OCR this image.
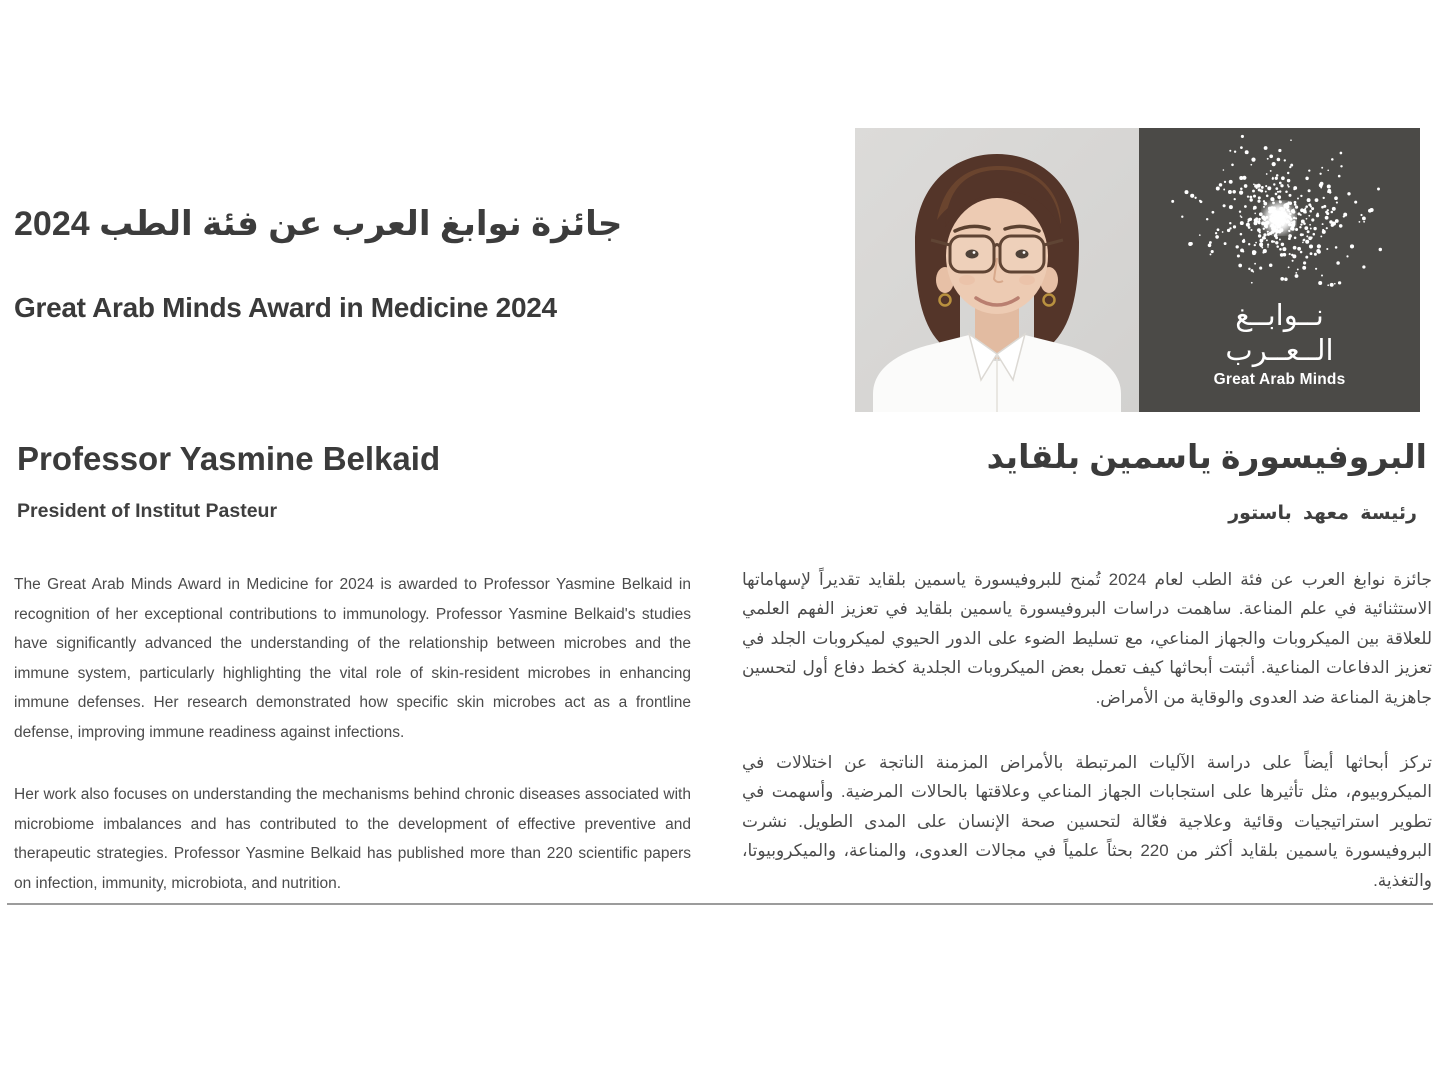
جائزة نوابغ العرب عن فئة الطب 2024
Great Arab Minds Award in Medicine 2024
Professor Yasmine Belkaid
President of Institut Pasteur
The Great Arab Minds Award in Medicine for 2024 is awarded to Professor Yasmine Belkaid in recognition of her exceptional contributions to immunology. Professor Yasmine Belkaid's studies have significantly advanced the understanding of the relationship between microbes and the immune system, particularly highlighting the vital role of skin-resident microbes in enhancing immune defenses. Her research demonstrated how specific skin microbes act as a frontline defense, improving immune readiness against infections.
Her work also focuses on understanding the mechanisms behind chronic diseases associated with microbiome imbalances and has contributed to the development of effective preventive and therapeutic strategies. Professor Yasmine Belkaid has published more than 220 scientific papers on infection, immunity, microbiota, and nutrition.
نــوابــغ
الــعــرب
Great Arab Minds
البروفيسورة ياسمين بلقايد
رئيسة معهد باستور
جائزة نوابغ العرب عن فئة الطب لعام 2024 تُمنح للبروفيسورة ياسمين بلقايد تقديراً لإسهاماتها الاستثنائية في علم المناعة. ساهمت دراسات البروفيسورة ياسمين بلقايد في تعزيز الفهم العلمي للعلاقة بين الميكروبات والجهاز المناعي، مع تسليط الضوء على الدور الحيوي لميكروبات الجلد في تعزيز الدفاعات المناعية. أثبتت أبحاثها كيف تعمل بعض الميكروبات الجلدية كخط دفاع أول لتحسين جاهزية المناعة ضد العدوى والوقاية من الأمراض.
تركز أبحاثها أيضاً على دراسة الآليات المرتبطة بالأمراض المزمنة الناتجة عن اختلالات في الميكروبيوم، مثل تأثيرها على استجابات الجهاز المناعي وعلاقتها بالحالات المرضية. وأسهمت في تطوير استراتيجيات وقائية وعلاجية فعّالة لتحسين صحة الإنسان على المدى الطويل. نشرت البروفيسورة ياسمين بلقايد أكثر من 220 بحثاً علمياً في مجالات العدوى، والمناعة، والميكروبيوتا، والتغذية.
